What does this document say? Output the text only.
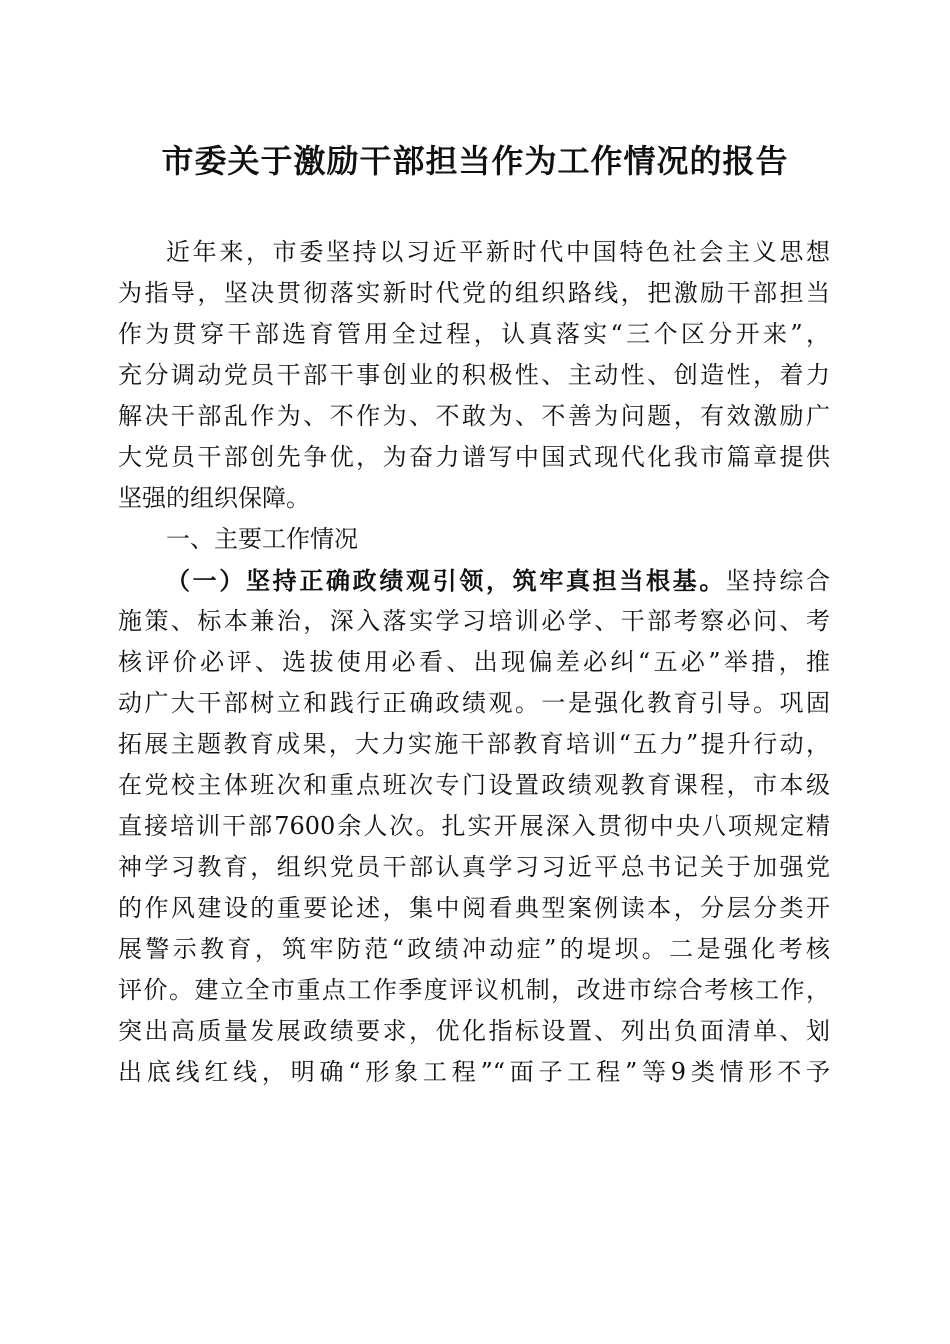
市委关于激励干部担当作为工作情况的报告
近年来，市委坚持以习近平新时代中国特色社会主义思想
为指导，坚决贯彻落实新时代党的组织路线，把激励干部担当
作为贯穿干部选育管用全过程，认真落实“三个区分开来”，
充分调动党员干部干事创业的积极性、主动性、创造性，着力
解决干部乱作为、不作为、不敢为、不善为问题，有效激励广
大党员干部创先争优，为奋力谱写中国式现代化我市篇章提供
坚强的组织保障。
一、主要工作情况
（一）坚持正确政绩观引领，筑牢真担当根基。坚持综合
施策、标本兼治，深入落实学习培训必学、干部考察必问、考
核评价必评、选拔使用必看、出现偏差必纠“五必”举措，推
动广大干部树立和践行正确政绩观。一是强化教育引导。巩固
拓展主题教育成果，大力实施干部教育培训“五力”提升行动，
在党校主体班次和重点班次专门设置政绩观教育课程，市本级
直接培训干部7600余人次。扎实开展深入贯彻中央八项规定精
神学习教育，组织党员干部认真学习习近平总书记关于加强党
的作风建设的重要论述，集中阅看典型案例读本，分层分类开
展警示教育，筑牢防范“政绩冲动症”的堤坝。二是强化考核
评价。建立全市重点工作季度评议机制，改进市综合考核工作，
突出高质量发展政绩要求，优化指标设置、列出负面清单、划
出底线红线，明确“形象工程”“面子工程”等9类情形不予
